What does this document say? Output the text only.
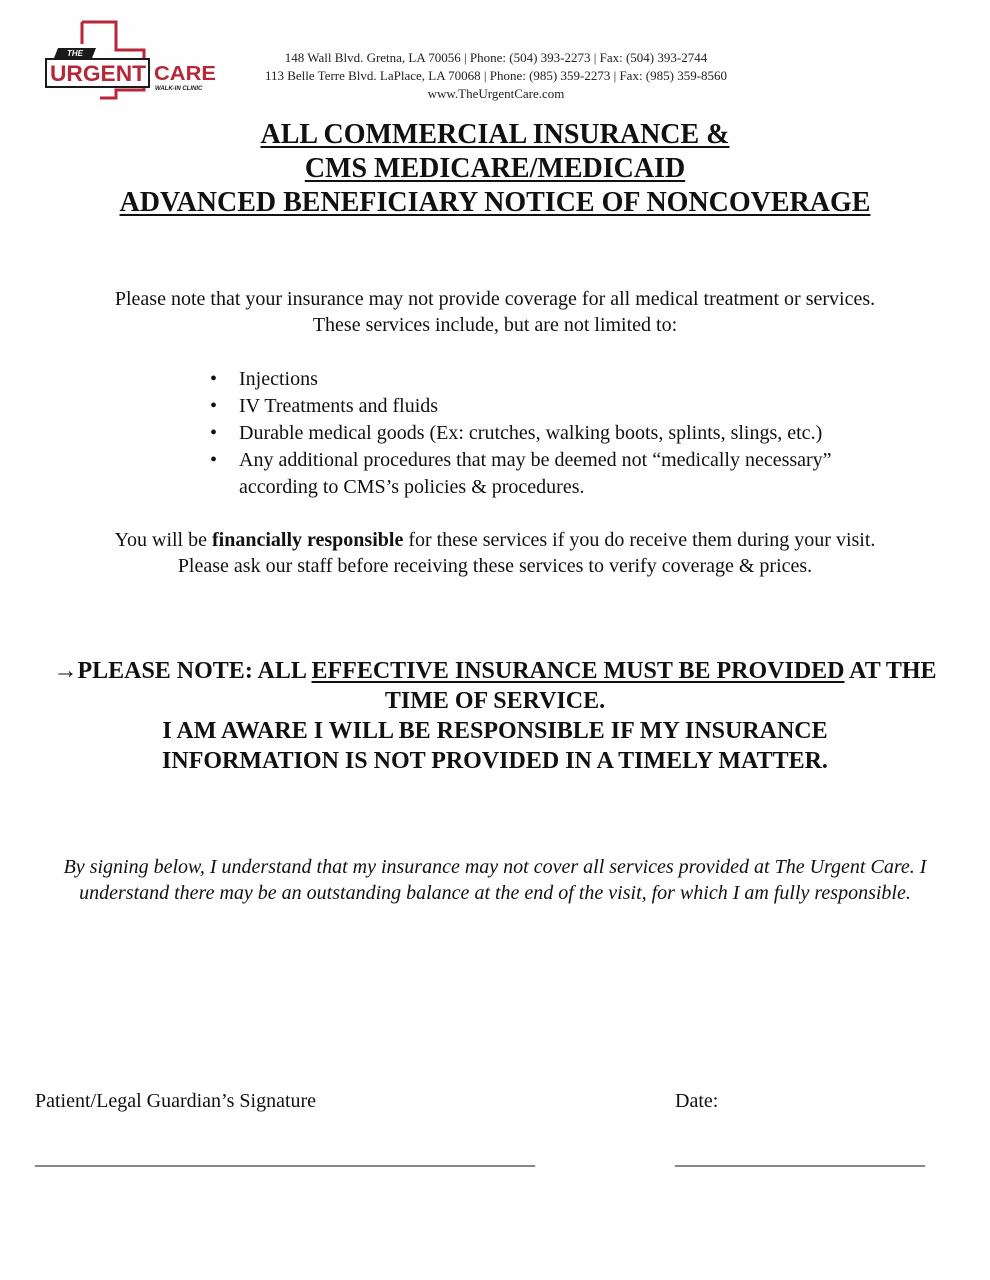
THE
URGENT CARE
WALK-IN CLINIC
148 Wall Blvd. Gretna, LA 70056 | Phone: (504) 393-2273 | Fax: (504) 393-2744
113 Belle Terre Blvd. LaPlace, LA 70068 | Phone: (985) 359-2273 | Fax: (985) 359-8560
www.TheUrgentCare.com
ALL COMMERCIAL INSURANCE &
CMS MEDICARE/MEDICAID
ADVANCED BENEFICIARY NOTICE OF NONCOVERAGE
Please note that your insurance may not provide coverage for all medical treatment or services.
These services include, but are not limited to:
• Injections
• IV Treatments and fluids
• Durable medical goods (Ex: crutches, walking boots, splints, slings, etc.)
• Any additional procedures that may be deemed not “medically necessary” according to CMS’s policies & procedures.
You will be financially responsible for these services if you do receive them during your visit.
Please ask our staff before receiving these services to verify coverage & prices.
→PLEASE NOTE: ALL EFFECTIVE INSURANCE MUST BE PROVIDED AT THE TIME OF SERVICE.
I AM AWARE I WILL BE RESPONSIBLE IF MY INSURANCE INFORMATION IS NOT PROVIDED IN A TIMELY MATTER.
By signing below, I understand that my insurance may not cover all services provided at The Urgent Care. I understand there may be an outstanding balance at the end of the visit, for which I am fully responsible.
Patient/Legal Guardian’s Signature	Date:
__________________________________________________	_________________________
